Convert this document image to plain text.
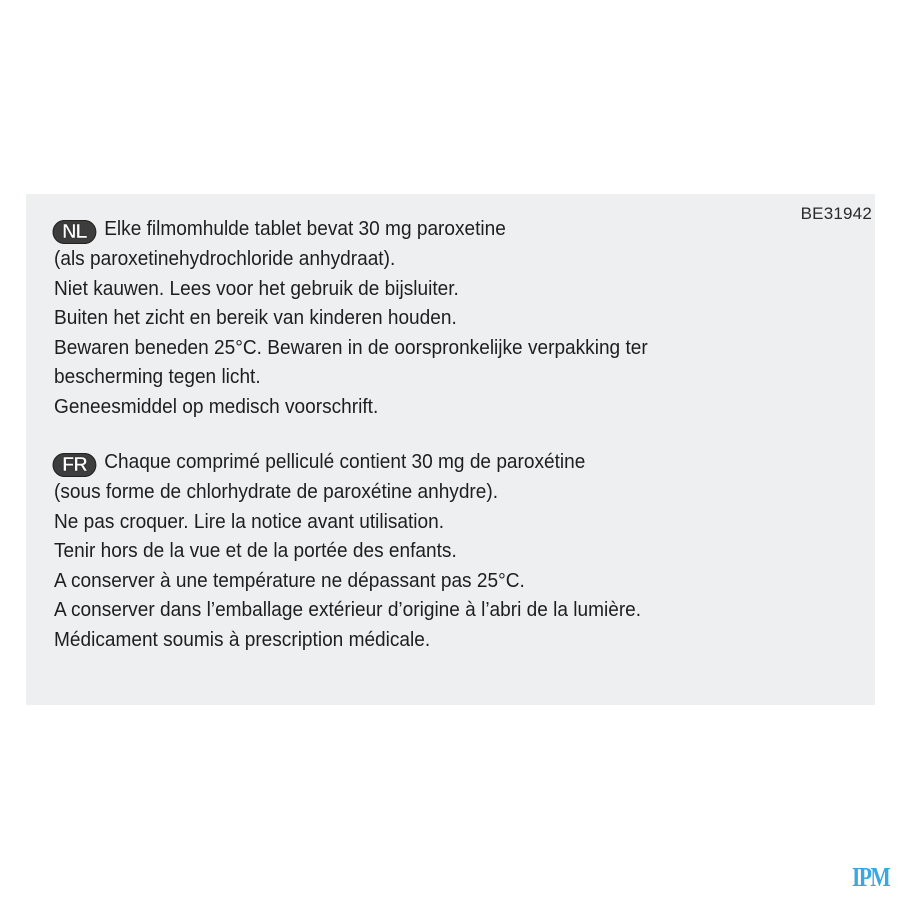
BE31942
NL Elke filmomhulde tablet bevat 30 mg paroxetine
(als paroxetinehydrochloride anhydraat).
Niet kauwen. Lees voor het gebruik de bijsluiter.
Buiten het zicht en bereik van kinderen houden.
Bewaren beneden 25°C. Bewaren in de oorspronkelijke verpakking ter
bescherming tegen licht.
Geneesmiddel op medisch voorschrift.
FR Chaque comprimé pelliculé contient 30 mg de paroxétine
(sous forme de chlorhydrate de paroxétine anhydre).
Ne pas croquer. Lire la notice avant utilisation.
Tenir hors de la vue et de la portée des enfants.
A conserver à une température ne dépassant pas 25°C.
A conserver dans l’emballage extérieur d’origine à l’abri de la lumière.
Médicament soumis à prescription médicale.
IPM
